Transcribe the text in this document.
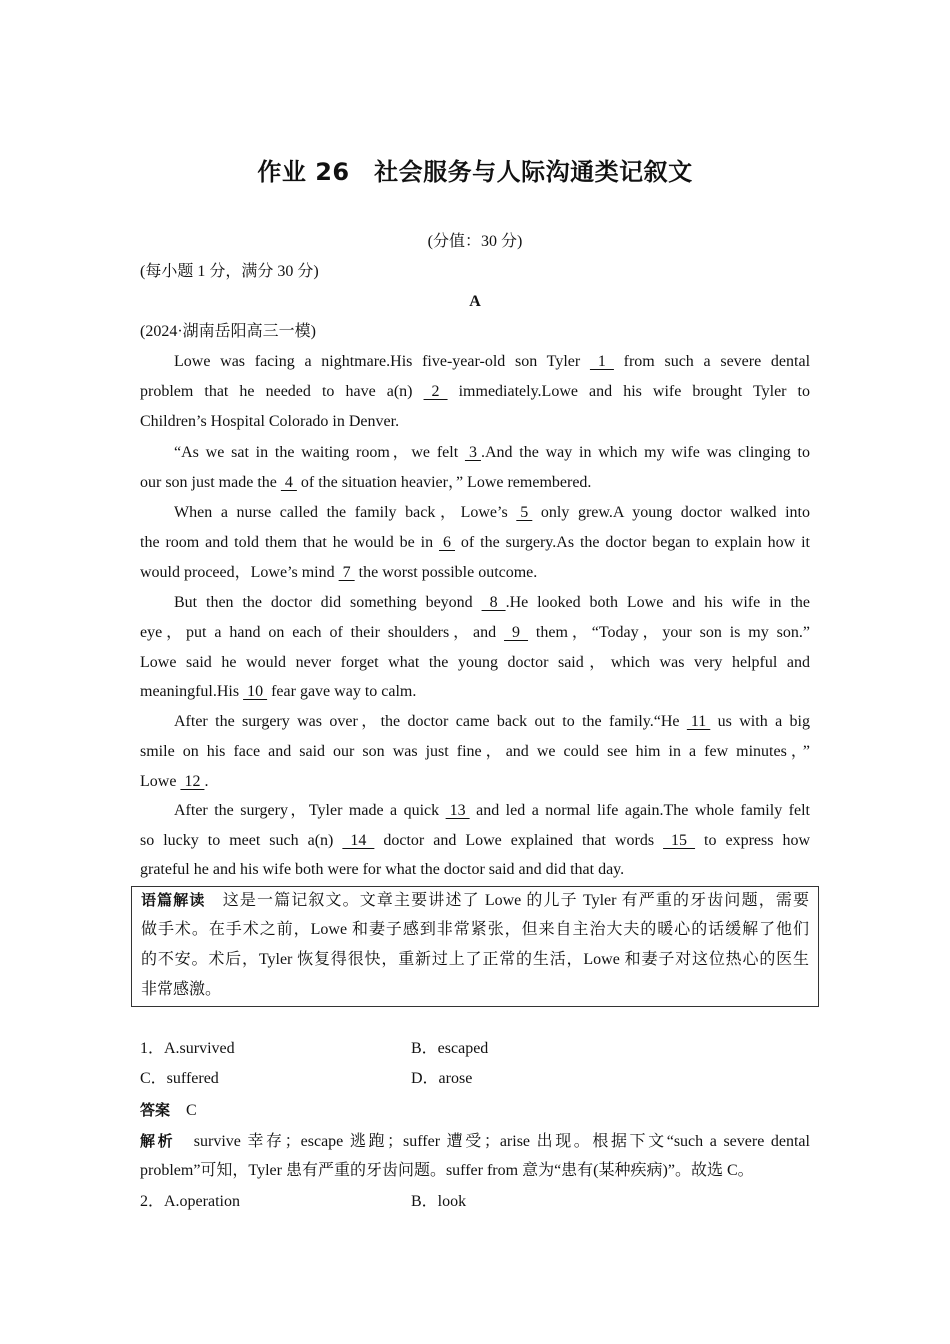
作业 26　社会服务与人际沟通类记叙文
(分值：30 分)
(每小题 1 分，满分 30 分)
A
(2024·湖南岳阳高三一模)
Lowe was facing a nightmare.His five-year-old son Tyler   1   from such a severe dental
problem that he needed to have a(n)   2   immediately.Lowe and his wife brought Tyler to
Children’s Hospital Colorado in Denver.
“As we sat in the waiting room，we felt  3 .And the way in which my wife was clinging to
our son just made the  4  of the situation heavier，” Lowe remembered.
When a nurse called the family back，Lowe’s  5  only grew.A young doctor walked into
the room and told them that he would be in  6  of the surgery.As the doctor began to explain how it
would proceed，Lowe’s mind  7  the worst possible outcome.
But then the doctor did something beyond   8  .He looked both Lowe and his wife in the
eye，put a hand on each of their shoulders，and   9   them，“Today，your son is my son.”
Lowe said he would never forget what the young doctor said，which was very helpful and
meaningful.His  10  fear gave way to calm.
After the surgery was over，the doctor came back out to the family.“He  11  us with a big
smile on his face and said our son was just fine，and we could see him in a few minutes，”
Lowe  12 .
After the surgery，Tyler made a quick  13  and led a normal life again.The whole family felt
so lucky to meet such a(n)   14   doctor and Lowe explained that words   15   to express how
grateful he and his wife both were for what the doctor said and did that day.
语篇解读　 这是一篇记叙文。文章主要讲述了 Lowe 的儿子 Tyler 有严重的牙齿问题，需要
做手术。在手术之前，Lowe 和妻子感到非常紧张，但来自主治大夫的暖心的话缓解了他们
的不安。术后，Tyler 恢复得很快，重新过上了正常的生活，Lowe 和妻子对这位热心的医生
非常感激。
1．A.survived	B．escaped
C．suffered	D．arose
答案　 C
解析　 survive 幸存；escape 逃跑；suffer 遭受；arise 出现。根据下文“such a severe dental
problem”可知，Tyler 患有严重的牙齿问题。suffer from 意为“患有(某种疾病)”。故选 C。
2．A.operation	B．look
